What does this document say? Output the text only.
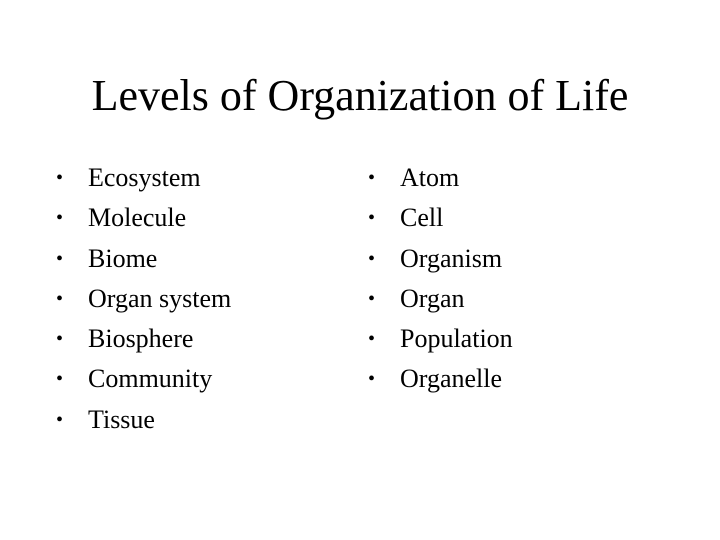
Levels of Organization of Life
• Ecosystem
• Molecule
• Biome
• Organ system
• Biosphere
• Community
• Tissue
• Atom
• Cell
• Organism
• Organ
• Population
• Organelle
